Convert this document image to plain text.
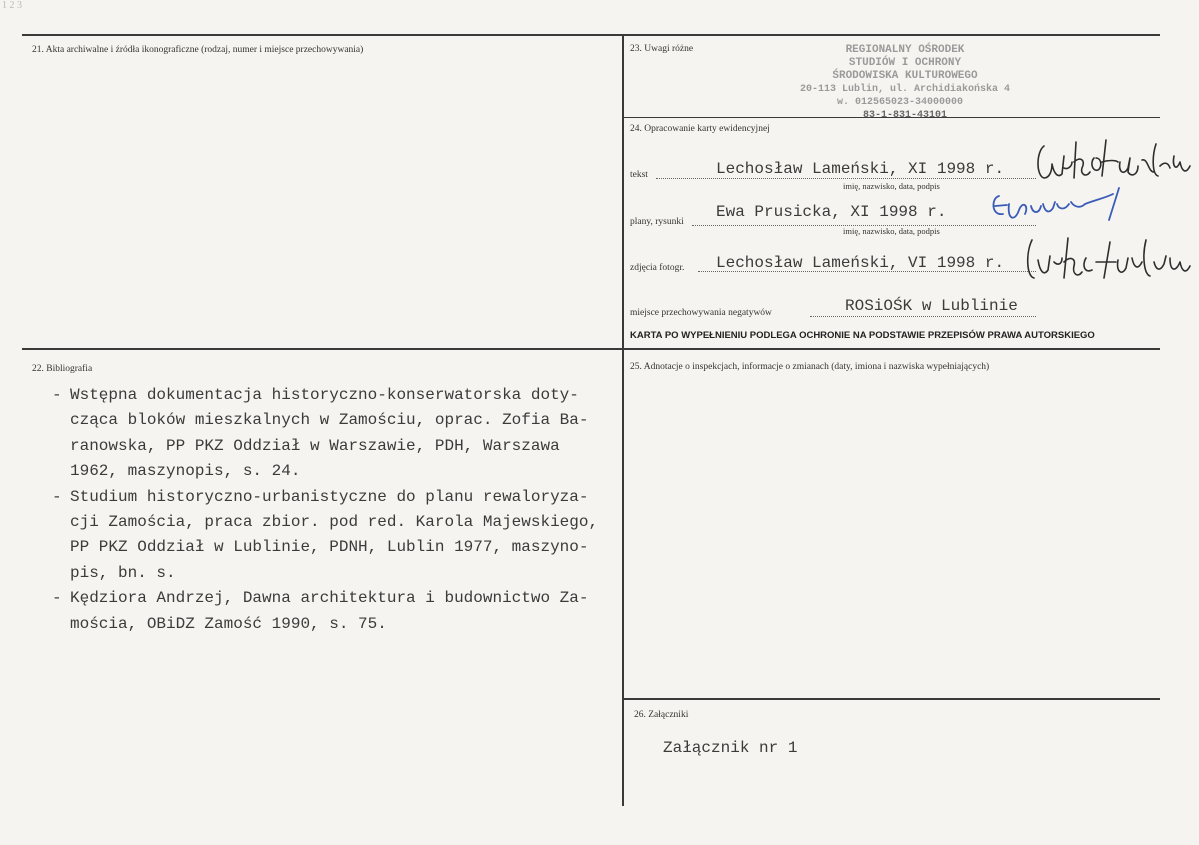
1 2 3
21. Akta archiwalne i źródła ikonograficzne (rodzaj, numer i miejsce przechowywania)	23. Uwagi różne	REGIONALNY OŚRODEK
STUDIÓW I OCHRONY
ŚRODOWISKA KULTUROWEGO
20-113 Lublin, ul. Archidiakońska 4
w. 012565023-34000000
83-1-831-43101
24. Opracowanie karty ewidencyjnej
tekst	Lechosław Lameński, XI 1998 r.
imię, nazwisko, data, podpis
plany, rysunki
Ewa Prusicka, XI 1998 r.
imię, nazwisko, data, podpis
zdjęcia fotogr. Lechosław Lameński, VI 1998 r.
miejsce przechowywania negatywów	ROSiOŚK w Lublinie
KARTA PO WYPEŁNIENIU PODLEGA OCHRONIE NA PODSTAWIE PRZEPISÓW PRAWA AUTORSKIEGO
22. Bibliografia
- Wstępna dokumentacja historyczno-konserwatorska doty-
cząca bloków mieszkalnych w Zamościu, oprac. Zofia Ba-
ranowska, PP PKZ Oddział w Warszawie, PDH, Warszawa
1962, maszynopis, s. 24.
- Studium historyczno-urbanistyczne do planu rewaloryza-
cji Zamościa, praca zbior. pod red. Karola Majewskiego,
PP PKZ Oddział w Lublinie, PDNH, Lublin 1977, maszyno-
pis, bn. s.
- Kędziora Andrzej, Dawna architektura i budownictwo Za-
mościa, OBiDZ Zamość 1990, s. 75.
25. Adnotacje o inspekcjach, informacje o zmianach (daty, imiona i nazwiska wypełniających)
26. Załączniki
Załącznik nr 1
